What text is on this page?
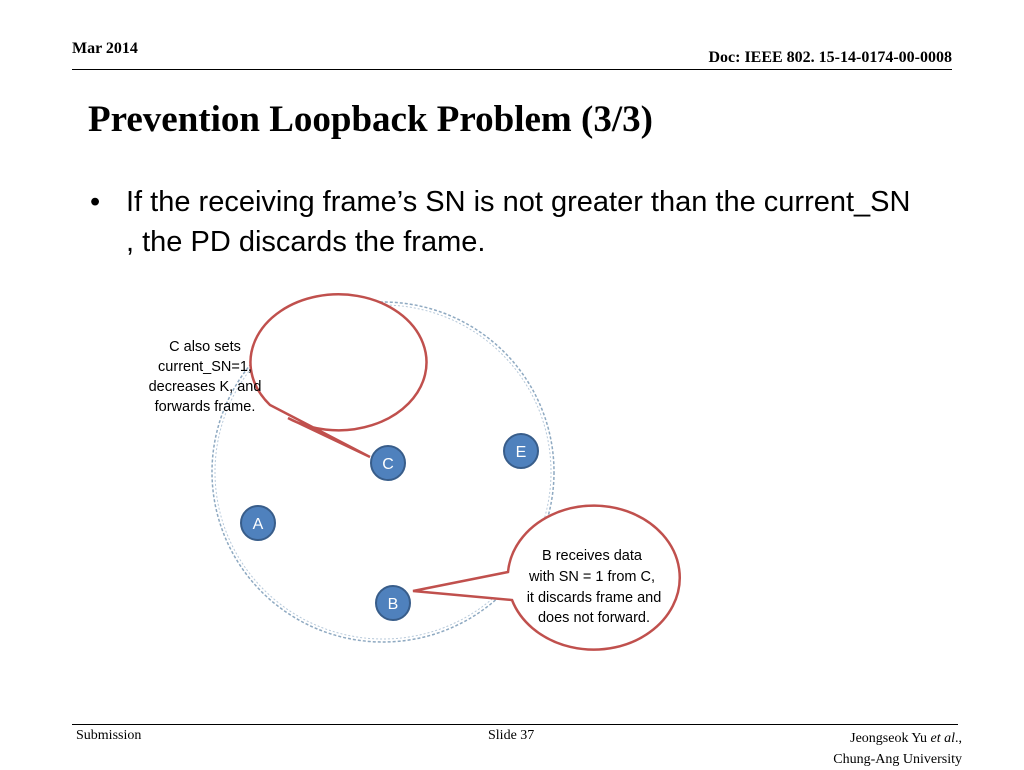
Mar 2014
Doc: IEEE 802. 15-14-0174-00-0008
Prevention Loopback Problem (3/3)
• If the receiving frame’s SN is not greater than the current_SN , the PD discards the frame.
C also sets
current_SN=1,
decreases K, and
forwards frame.
B receives data
with SN = 1 from C,
it discards frame and
does not forward.
C
E
A
B
Submission	Slide 37	Jeongseok Yu et al.,
Chung-Ang University
